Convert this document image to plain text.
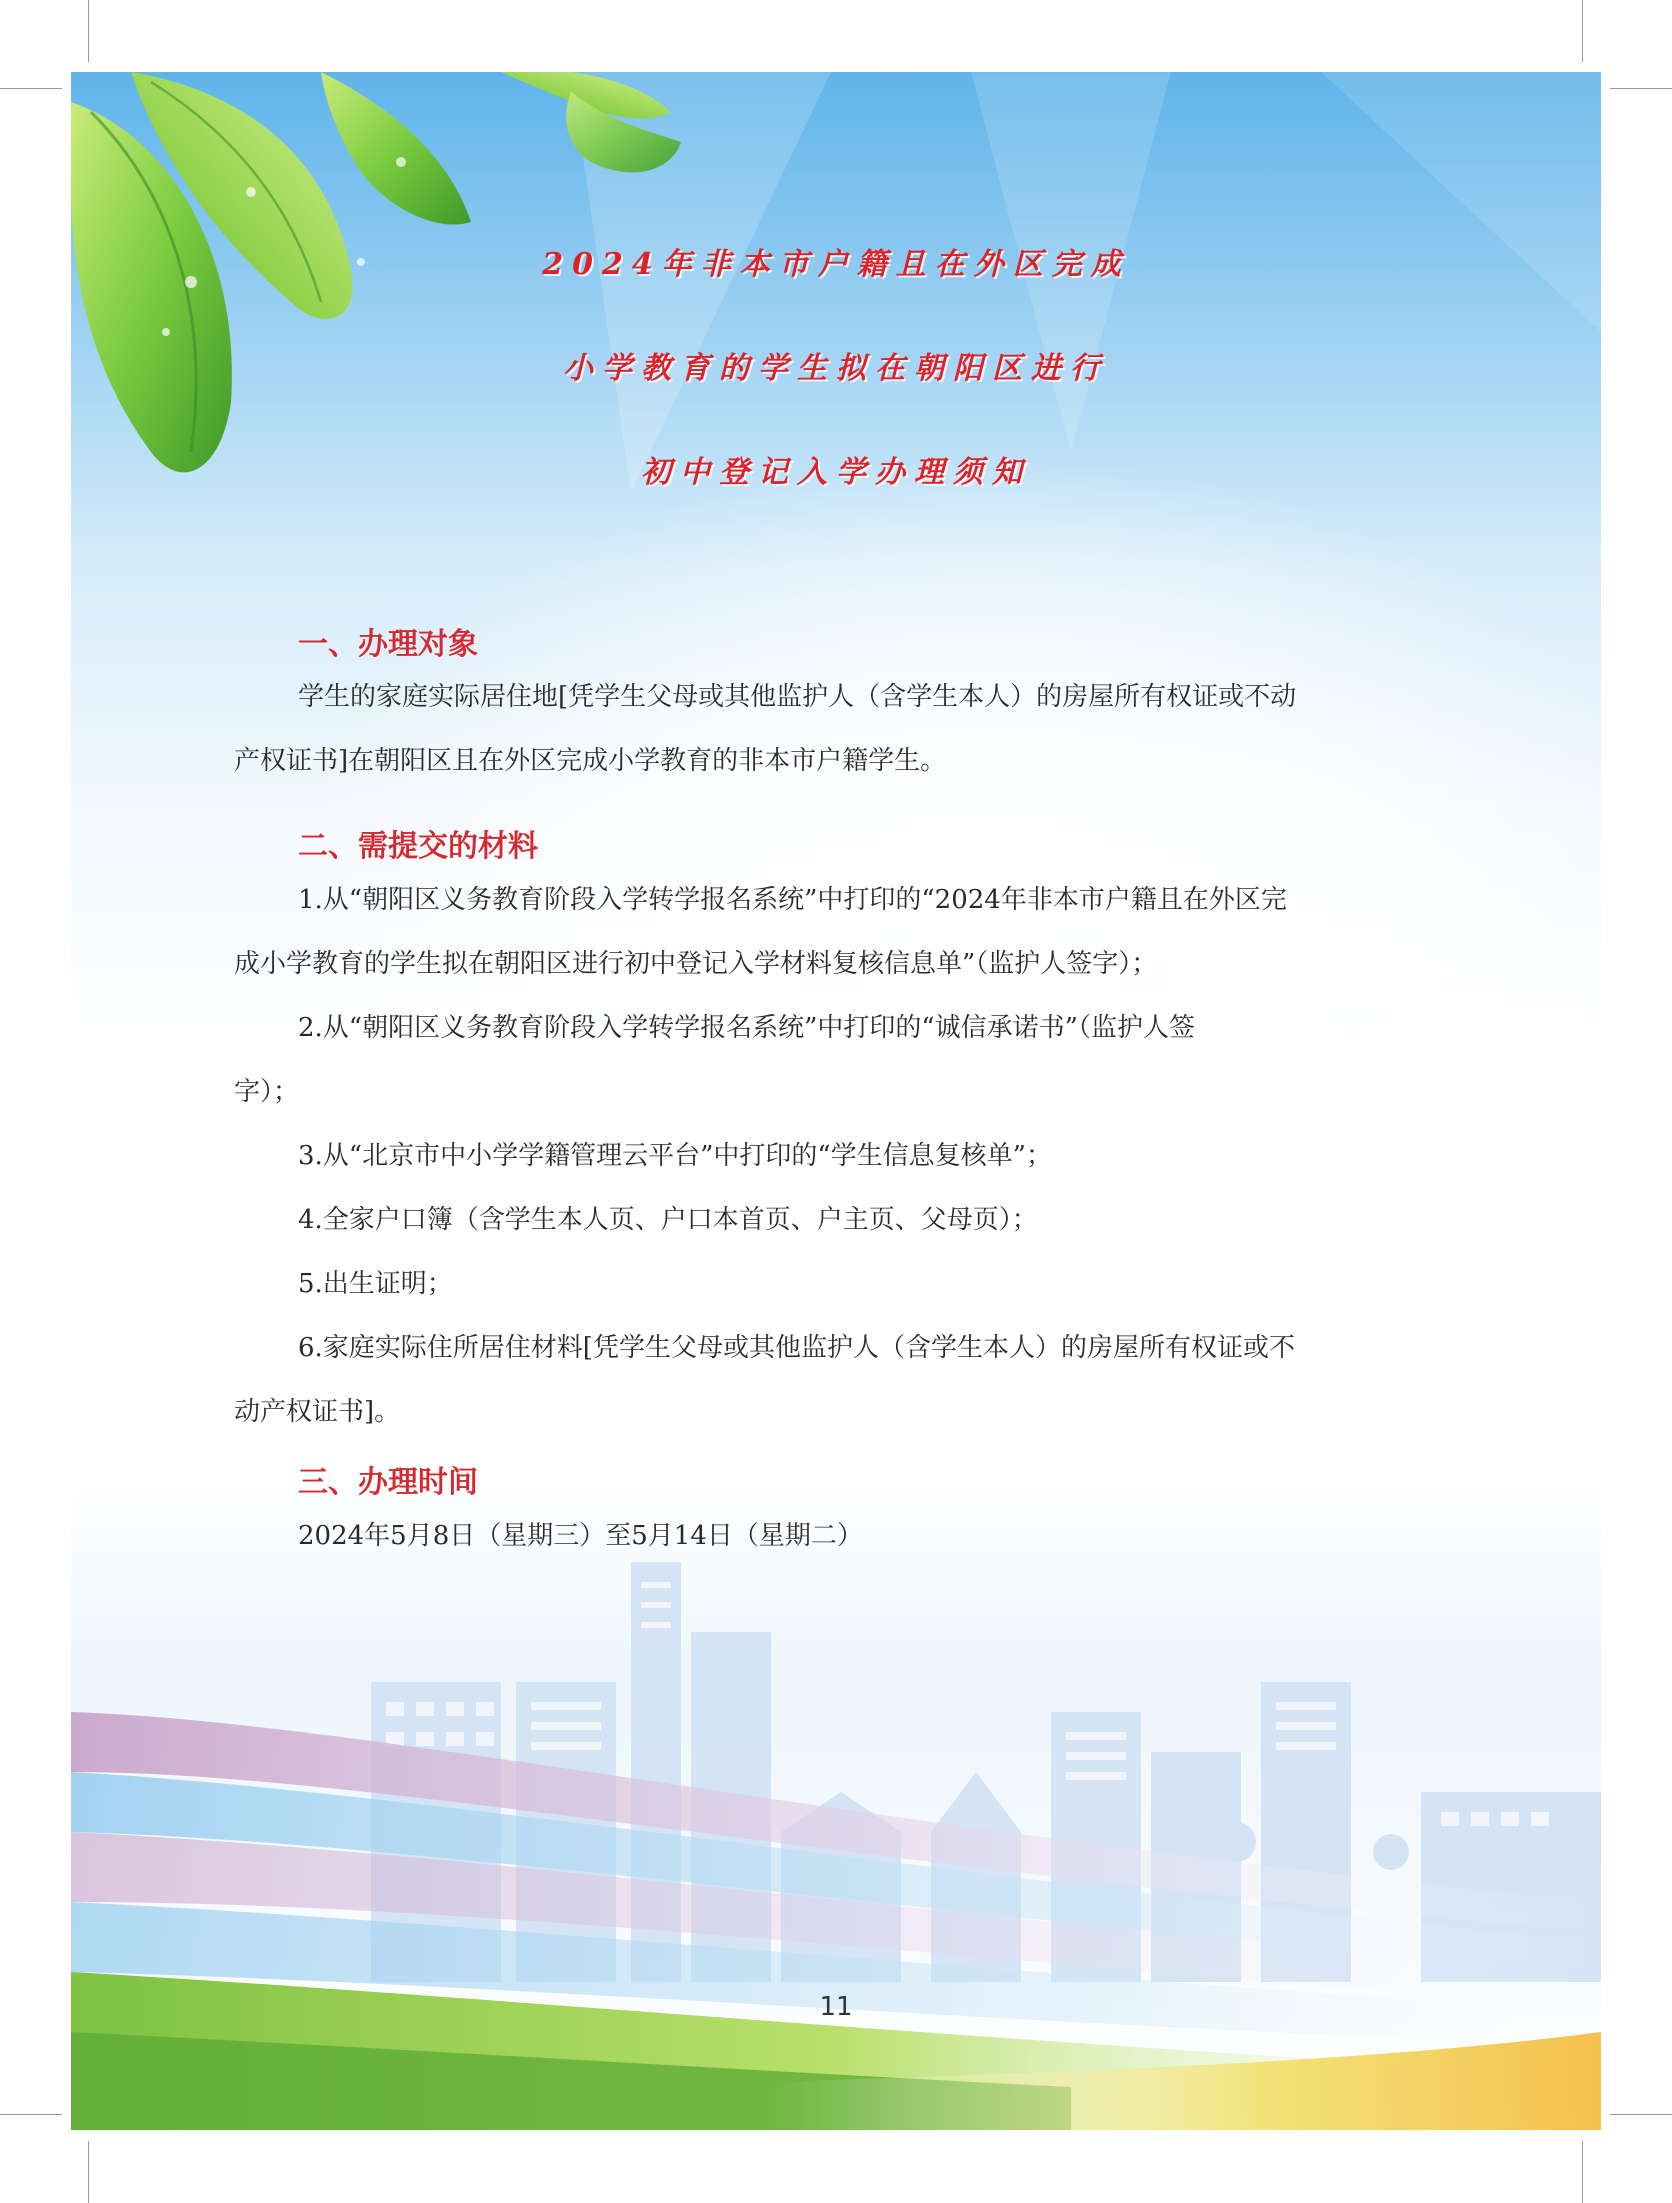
2024年非本市户籍且在外区完成
小学教育的学生拟在朝阳区进行
初中登记入学办理须知
一、办理对象
学生的家庭实际居住地[凭学生父母或其他监护人（含学生本人）的房屋所有权证或不动
产权证书]在朝阳区且在外区完成小学教育的非本市户籍学生。
二、需提交的材料
1.从“朝阳区义务教育阶段入学转学报名系统”中打印的“2024年非本市户籍且在外区完
成小学教育的学生拟在朝阳区进行初中登记入学材料复核信息单”（监护人签字）；
2.从“朝阳区义务教育阶段入学转学报名系统”中打印的“诚信承诺书”（监护人签
字）；
3.从“北京市中小学学籍管理云平台”中打印的“学生信息复核单”；
4.全家户口簿（含学生本人页、户口本首页、户主页、父母页）；
5.出生证明；
6.家庭实际住所居住材料[凭学生父母或其他监护人（含学生本人）的房屋所有权证或不
动产权证书]。
三、办理时间
2024年5月8日（星期三）至5月14日（星期二）
11
